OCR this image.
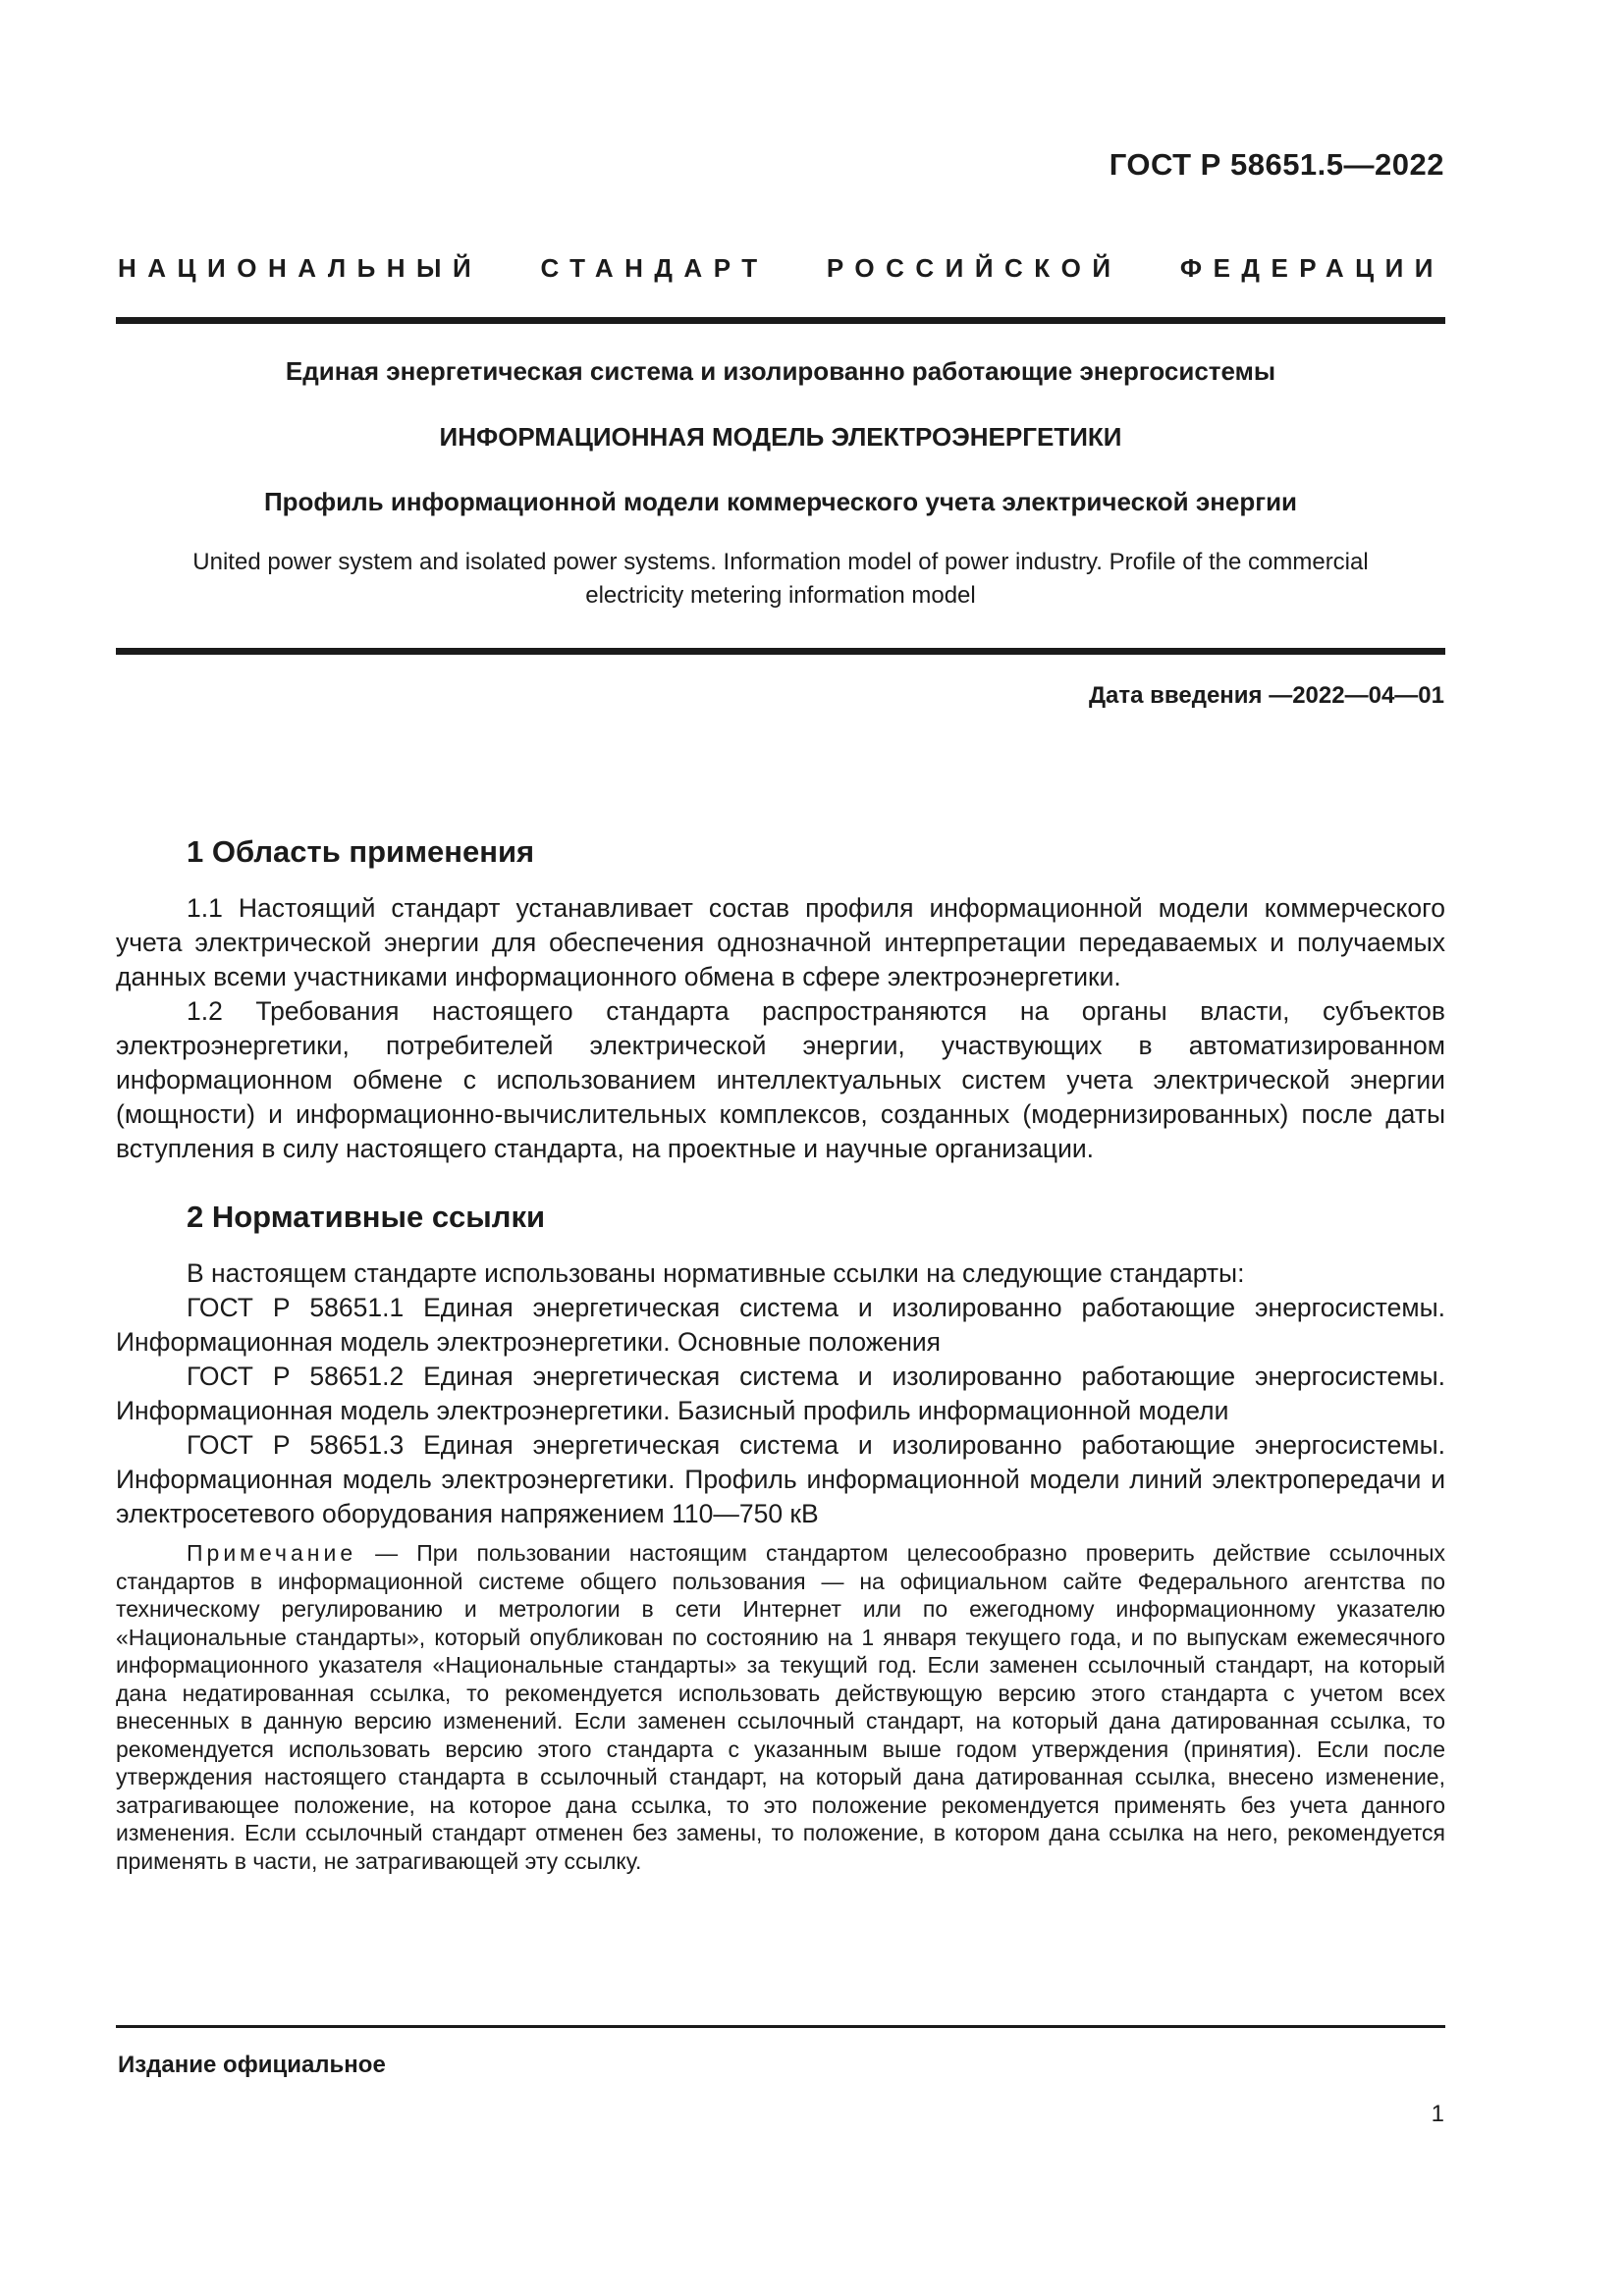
ГОСТ Р 58651.5—2022
НАЦИОНАЛЬНЫЙ СТАНДАРТ РОССИЙСКОЙ ФЕДЕРАЦИИ
Единая энергетическая система и изолированно работающие энергосистемы
ИНФОРМАЦИОННАЯ МОДЕЛЬ ЭЛЕКТРОЭНЕРГЕТИКИ
Профиль информационной модели коммерческого учета электрической энергии
United power system and isolated power systems. Information model of power industry. Profile of the commercial electricity metering information model
Дата введения —2022—04—01
1 Область применения

1.1 Настоящий стандарт устанавливает состав профиля информационной модели коммерческого учета электрической энергии для обеспечения однозначной интерпретации передаваемых и получаемых данных всеми участниками информационного обмена в сфере электроэнергетики.

1.2 Требования настоящего стандарта распространяются на органы власти, субъектов электроэнергетики, потребителей электрической энергии, участвующих в автоматизированном информационном обмене с использованием интеллектуальных систем учета электрической энергии (мощности) и информационно-вычислительных комплексов, созданных (модернизированных) после даты вступления в силу настоящего стандарта, на проектные и научные организации.

2 Нормативные ссылки

В настоящем стандарте использованы нормативные ссылки на следующие стандарты:

ГОСТ Р 58651.1 Единая энергетическая система и изолированно работающие энергосистемы. Информационная модель электроэнергетики. Основные положения

ГОСТ Р 58651.2 Единая энергетическая система и изолированно работающие энергосистемы. Информационная модель электроэнергетики. Базисный профиль информационной модели

ГОСТ Р 58651.3 Единая энергетическая система и изолированно работающие энергосистемы. Информационная модель электроэнергетики. Профиль информационной модели линий электропередачи и электросетевого оборудования напряжением 110—750 кВ

Примечание — При пользовании настоящим стандартом целесообразно проверить действие ссылочных стандартов в информационной системе общего пользования — на официальном сайте Федерального агентства по техническому регулированию и метрологии в сети Интернет или по ежегодному информационному указателю «Национальные стандарты», который опубликован по состоянию на 1 января текущего года, и по выпускам ежемесячного информационного указателя «Национальные стандарты» за текущий год. Если заменен ссылочный стандарт, на который дана недатированная ссылка, то рекомендуется использовать действующую версию этого стандарта с учетом всех внесенных в данную версию изменений. Если заменен ссылочный стандарт, на который дана датированная ссылка, то рекомендуется использовать версию этого стандарта с указанным выше годом утверждения (принятия). Если после утверждения настоящего стандарта в ссылочный стандарт, на который дана датированная ссылка, внесено изменение, затрагивающее положение, на которое дана ссылка, то это положение рекомендуется применять без учета данного изменения. Если ссылочный стандарт отменен без замены, то положение, в котором дана ссылка на него, рекомендуется применять в части, не затрагивающей эту ссылку.
Издание официальное
1
